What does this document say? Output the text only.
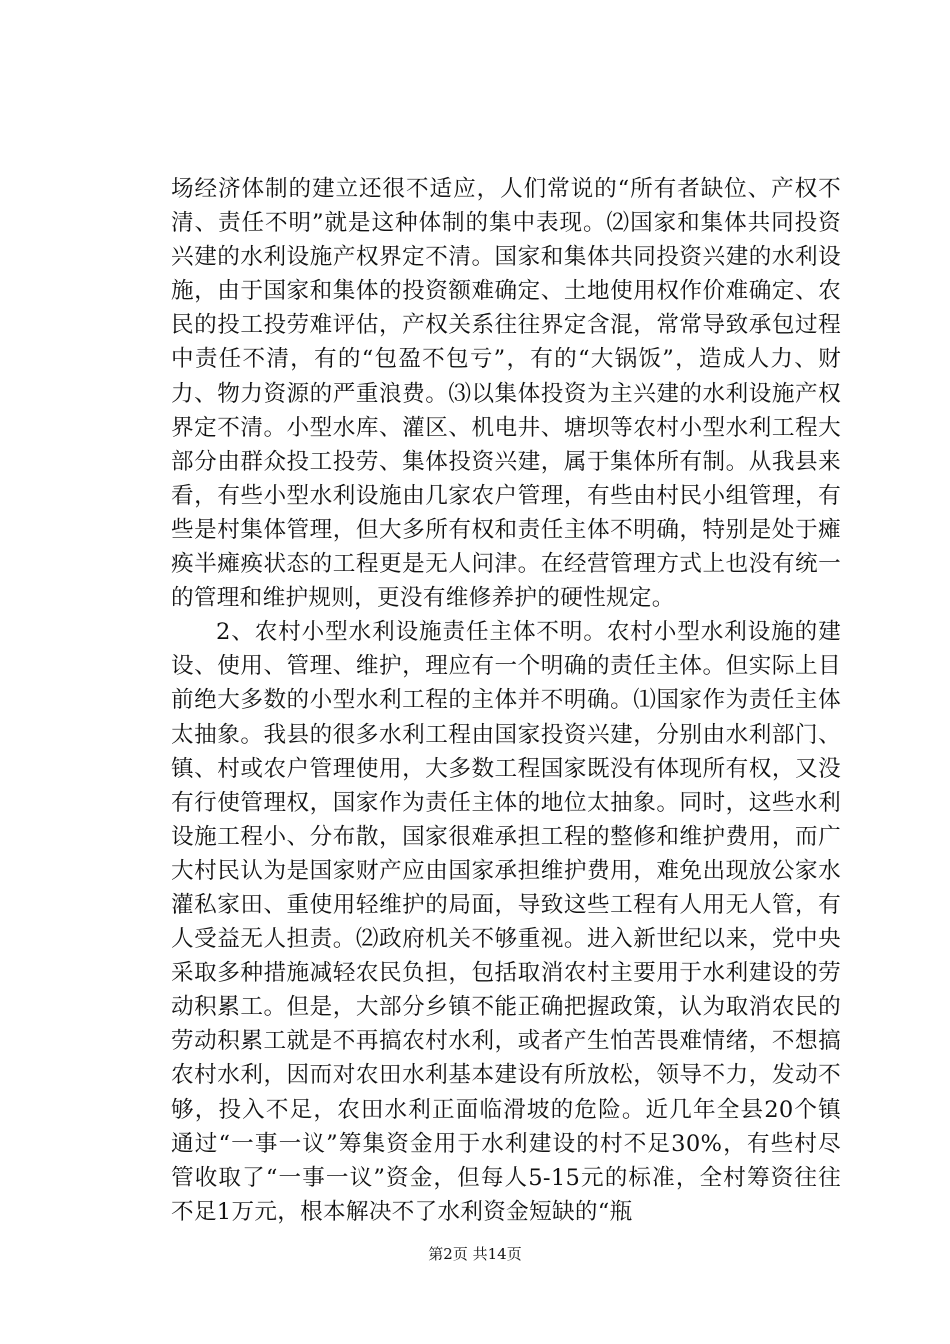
场经济体制的建立还很不适应，人们常说的“所有者缺位、产权不清、责任不明”就是这种体制的集中表现。⑵国家和集体共同投资兴建的水利设施产权界定不清。国家和集体共同投资兴建的水利设施，由于国家和集体的投资额难确定、土地使用权作价难确定、农民的投工投劳难评估，产权关系往往界定含混，常常导致承包过程中责任不清，有的“包盈不包亏”，有的“大锅饭”，造成人力、财力、物力资源的严重浪费。⑶以集体投资为主兴建的水利设施产权界定不清。小型水库、灌区、机电井、塘坝等农村小型水利工程大部分由群众投工投劳、集体投资兴建，属于集体所有制。从我县来看，有些小型水利设施由几家农户管理，有些由村民小组管理，有些是村集体管理，但大多所有权和责任主体不明确，特别是处于瘫痪半瘫痪状态的工程更是无人问津。在经营管理方式上也没有统一的管理和维护规则，更没有维修养护的硬性规定。

2、农村小型水利设施责任主体不明。农村小型水利设施的建设、使用、管理、维护，理应有一个明确的责任主体。但实际上目前绝大多数的小型水利工程的主体并不明确。⑴国家作为责任主体太抽象。我县的很多水利工程由国家投资兴建，分别由水利部门、镇、村或农户管理使用，大多数工程国家既没有体现所有权，又没有行使管理权，国家作为责任主体的地位太抽象。同时，这些水利设施工程小、分布散，国家很难承担工程的整修和维护费用，而广大村民认为是国家财产应由国家承担维护费用，难免出现放公家水灌私家田、重使用轻维护的局面，导致这些工程有人用无人管，有人受益无人担责。⑵政府机关不够重视。进入新世纪以来，党中央采取多种措施减轻农民负担，包括取消农村主要用于水利建设的劳动积累工。但是，大部分乡镇不能正确把握政策，认为取消农民的劳动积累工就是不再搞农村水利，或者产生怕苦畏难情绪，不想搞农村水利，因而对农田水利基本建设有所放松，领导不力，发动不够，投入不足，农田水利正面临滑坡的危险。近几年全县20个镇通过“一事一议”筹集资金用于水利建设的村不足30%，有些村尽管收取了“一事一议”资金，但每人5-15元的标准，全村筹资往往不足1万元，根本解决不了水利资金短缺的“瓶

第2页 共14页
